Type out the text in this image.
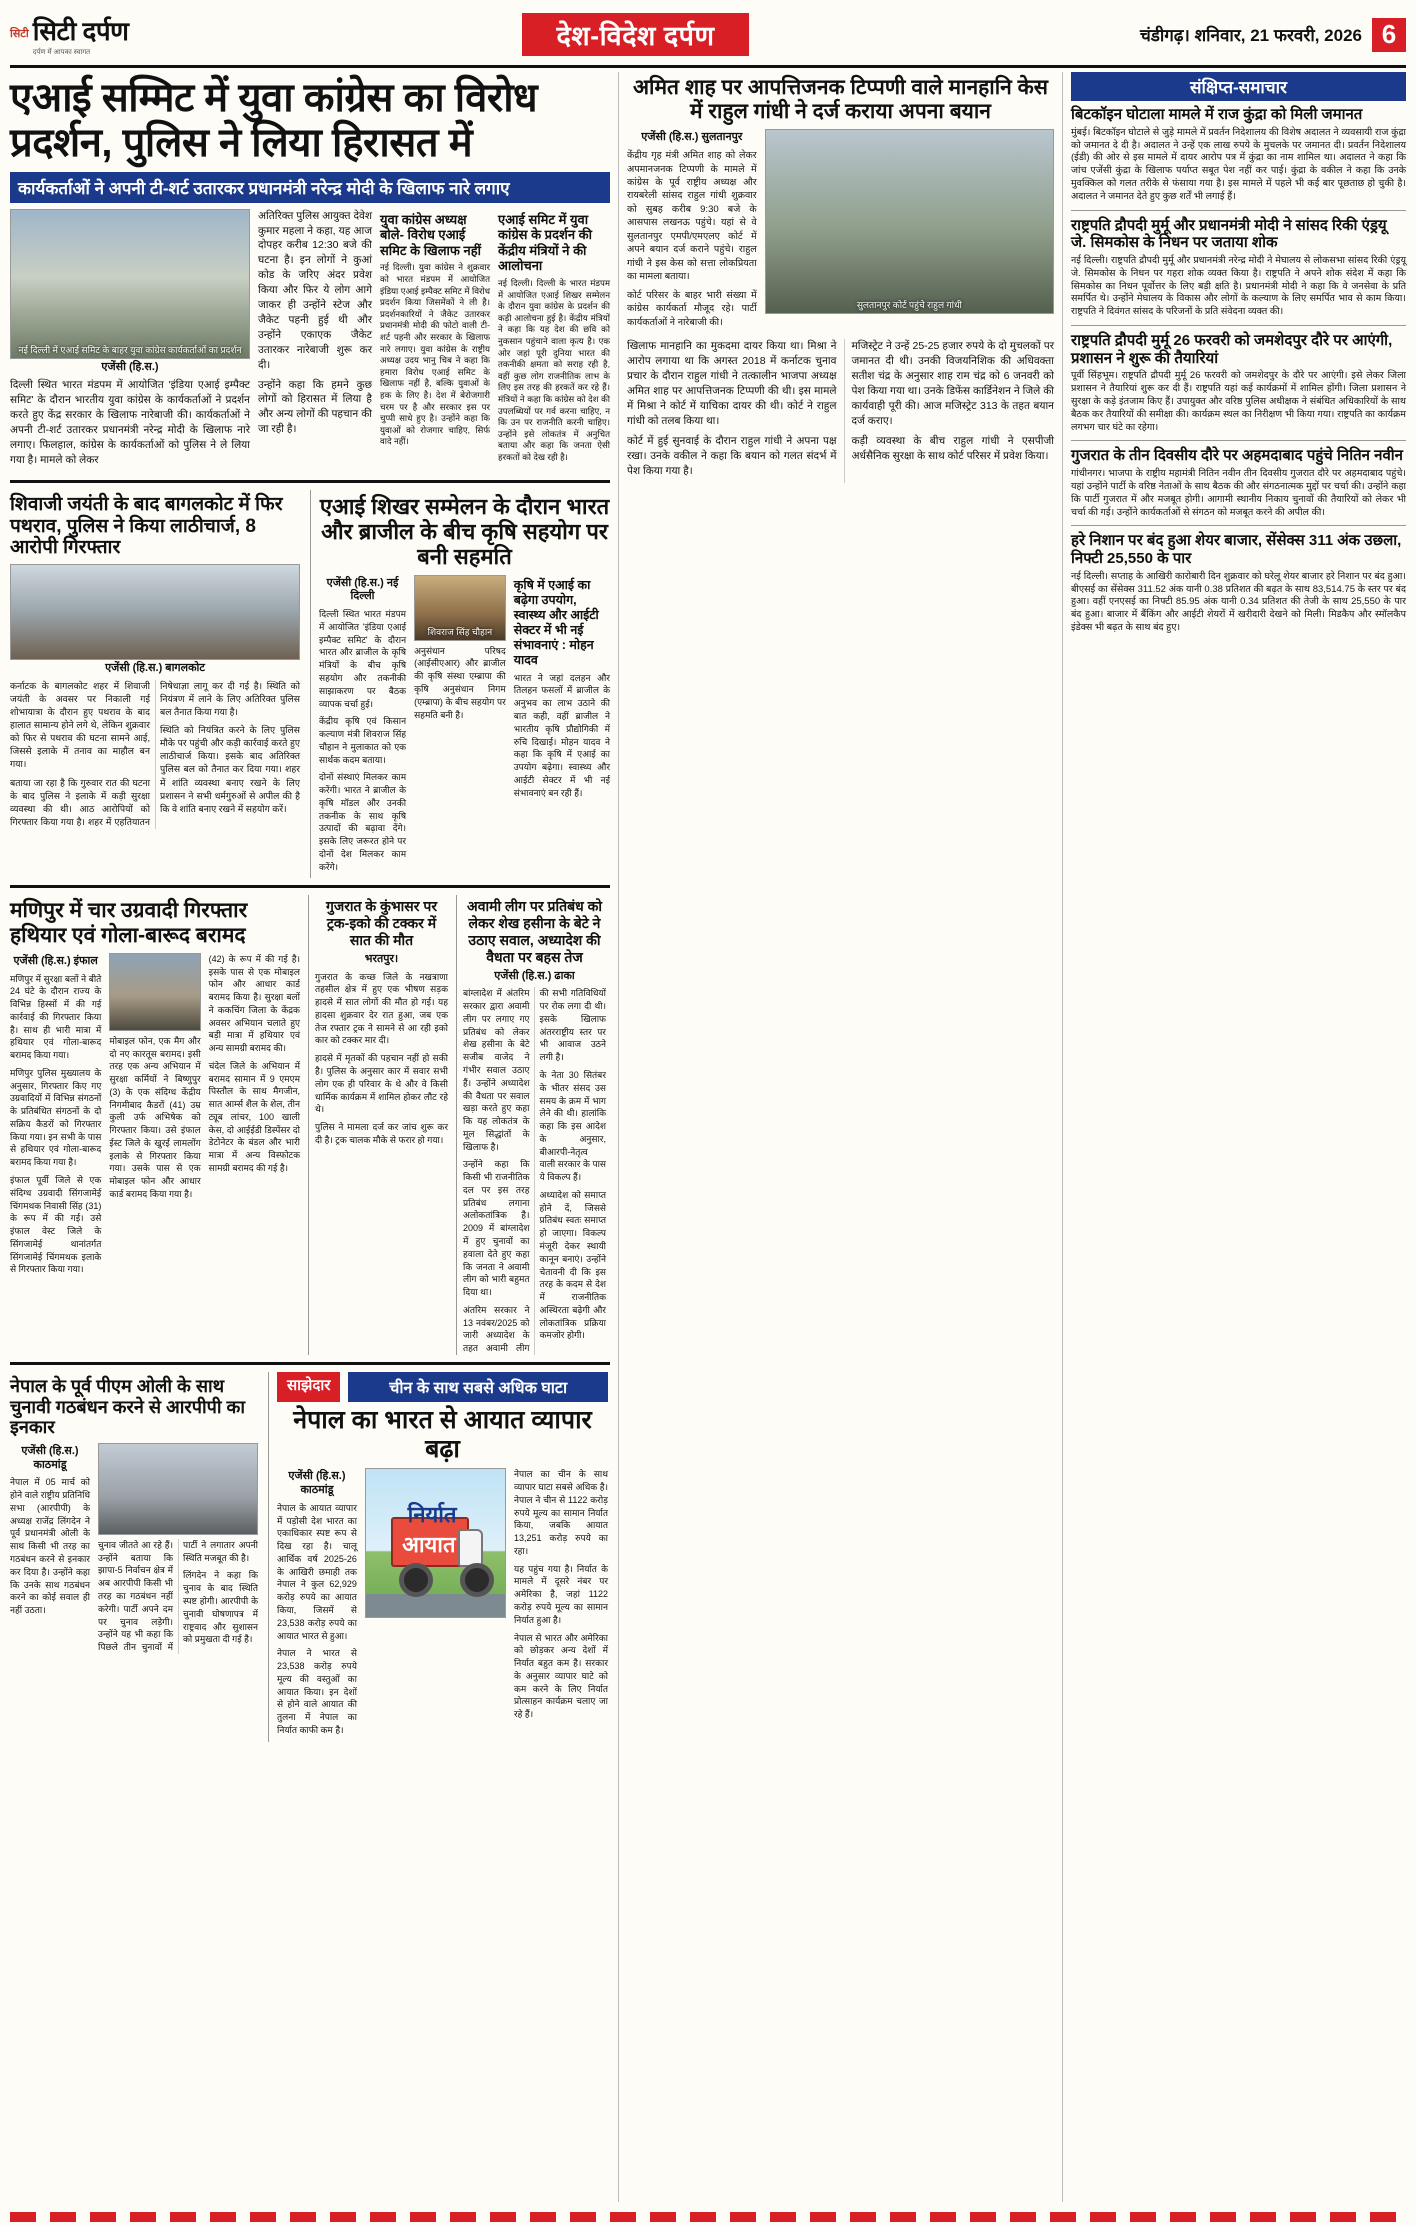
सिटी सिटी दर्पण
दर्पण में आपका स्वागत
देश-विदेश दर्पण	चंडीगढ़। शनिवार, 21 फरवरी, 2026 6
एआई सम्मिट में युवा कांग्रेस का विरोध प्रदर्शन, पुलिस ने लिया हिरासत में
कार्यकर्ताओं ने अपनी टी-शर्ट उतारकर प्रधानमंत्री नरेन्द्र मोदी के खिलाफ नारे लगाए
नई दिल्ली में एआई समिट के बाहर युवा कांग्रेस कार्यकर्ताओं का प्रदर्शन
एजेंसी (हि.स.)

दिल्ली स्थित भारत मंडपम में आयोजित 'इंडिया एआई इम्पैक्ट समिट' के दौरान भारतीय युवा कांग्रेस के कार्यकर्ताओं ने प्रदर्शन करते हुए केंद्र सरकार के खिलाफ नारेबाजी की। कार्यकर्ताओं ने अपनी टी-शर्ट उतारकर प्रधानमंत्री नरेन्द्र मोदी के खिलाफ नारे लगाए। फिलहाल, कांग्रेस के कार्यकर्ताओं को पुलिस ने ले लिया गया है। मामले को लेकर

अतिरिक्त पुलिस आयुक्त देवेश कुमार महला ने कहा, यह आज दोपहर करीब 12:30 बजे की घटना है। इन लोगों ने कुआं कोड के जरिए अंदर प्रवेश किया और फिर ये लोग आगे जाकर ही उन्होंने स्टेज और जैकेट पहनी हुई थी और उन्होंने एकाएक जैकेट उतारकर नारेबाजी शुरू कर दी।

उन्होंने कहा कि हमने कुछ लोगों को हिरासत में लिया है और अन्य लोगों की पहचान की जा रही है।

युवा कांग्रेस अध्यक्ष बोले- विरोध एआई समिट के खिलाफ नहीं

नई दिल्ली। युवा कांग्रेस ने शुक्रवार को भारत मंडपम में आयोजित इंडिया एआई इम्पैक्ट समिट में विरोध प्रदर्शन किया जिसमेंकों ने ली है। प्रदर्शनकारियों ने जैकेट उतारकर प्रधानमंत्री मोदी की फोटो वाली टी-शर्ट पहनी और सरकार के खिलाफ नारे लगाए। युवा कांग्रेस के राष्ट्रीय अध्यक्ष उदय भानु चिब ने कहा कि हमारा विरोध एआई समिट के खिलाफ नहीं है, बल्कि युवाओं के हक के लिए है। देश में बेरोजगारी चरम पर है और सरकार इस पर चुप्पी साधे हुए है। उन्होंने कहा कि युवाओं को रोजगार चाहिए, सिर्फ वादे नहीं।

एआई समिट में युवा कांग्रेस के प्रदर्शन की केंद्रीय मंत्रियों ने की आलोचना

नई दिल्ली। दिल्ली के भारत मंडपम में आयोजित एआई शिखर सम्मेलन के दौरान युवा कांग्रेस के प्रदर्शन की कड़ी आलोचना हुई है। केंद्रीय मंत्रियों ने कहा कि यह देश की छवि को नुकसान पहुंचाने वाला कृत्य है। एक ओर जहां पूरी दुनिया भारत की तकनीकी क्षमता को सराह रही है, वहीं कुछ लोग राजनीतिक लाभ के लिए इस तरह की हरकतें कर रहे हैं। मंत्रियों ने कहा कि कांग्रेस को देश की उपलब्धियों पर गर्व करना चाहिए, न कि उन पर राजनीति करनी चाहिए। उन्होंने इसे लोकतंत्र में अनुचित बताया और कहा कि जनता ऐसी हरकतों को देख रही है।

शिवाजी जयंती के बाद बागलकोट में फिर पथराव, पुलिस ने किया लाठीचार्ज, 8 आरोपी गिरफ्तार
एजेंसी (हि.स.) बागलकोट

कर्नाटक के बागलकोट शहर में शिवाजी जयंती के अवसर पर निकाली गई शोभायात्रा के दौरान हुए पथराव के बाद हालात सामान्य होने लगे थे, लेकिन शुक्रवार को फिर से पथराव की घटना सामने आई, जिससे इलाके में तनाव का माहौल बन गया।

बताया जा रहा है कि गुरुवार रात की घटना के बाद पुलिस ने इलाके में कड़ी सुरक्षा व्यवस्था की थी। आठ आरोपियों को गिरफ्तार किया गया है। शहर में एहतियातन निषेधाज्ञा लागू कर दी गई है। स्थिति को नियंत्रण में लाने के लिए अतिरिक्त पुलिस बल तैनात किया गया है।

स्थिति को नियंत्रित करने के लिए पुलिस मौके पर पहुंची और कड़ी कार्रवाई करते हुए लाठीचार्ज किया। इसके बाद अतिरिक्त पुलिस बल को तैनात कर दिया गया। शहर में शांति व्यवस्था बनाए रखने के लिए प्रशासन ने सभी धर्मगुरुओं से अपील की है कि वे शांति बनाए रखने में सहयोग करें।

एआई शिखर सम्मेलन के दौरान भारत और ब्राजील के बीच कृषि सहयोग पर बनी सहमति
एजेंसी (हि.स.) नई दिल्ली

दिल्ली स्थित भारत मंडपम में आयोजित 'इंडिया एआई इम्पैक्ट समिट' के दौरान भारत और ब्राजील के कृषि मंत्रियों के बीच कृषि सहयोग और तकनीकी साझाकरण पर बैठक व्यापक चर्चा हुई।

केंद्रीय कृषि एवं किसान कल्याण मंत्री शिवराज सिंह चौहान ने मुलाकात को एक सार्थक कदम बताया।

दोनों संस्थाएं मिलकर काम करेंगी। भारत ने ब्राजील के कृषि मॉडल और उनकी तकनीक के साथ कृषि उत्पादों की बढ़ावा देंगे। इसके लिए जरूरत होने पर दोनों देश मिलकर काम करेंगे।

शिवराज सिंह चौहान

अनुसंधान परिषद (आईसीएआर) और ब्राजील की कृषि संस्था एम्ब्रापा की कृषि अनुसंधान निगम (एम्ब्रापा) के बीच सहयोग पर सहमति बनी है।

कृषि में एआई का बढ़ेगा उपयोग, स्वास्थ्य और आईटी सेक्टर में भी नई संभावनाएं : मोहन यादव

भारत ने जहां दलहन और तिलहन फसलों में ब्राजील के अनुभव का लाभ उठाने की बात कही, वहीं ब्राजील ने भारतीय कृषि प्रौद्योगिकी में रुचि दिखाई। मोहन यादव ने कहा कि कृषि में एआई का उपयोग बढ़ेगा। स्वास्थ्य और आईटी सेक्टर में भी नई संभावनाएं बन रही हैं।

मणिपुर में चार उग्रवादी गिरफ्तार हथियार एवं गोला-बारूद बरामद
एजेंसी (हि.स.) इंफाल

मणिपुर में सुरक्षा बलों ने बीते 24 घंटे के दौरान राज्य के विभिन्न हिस्सों में की गई कार्रवाई की गिरफ्तार किया है। साथ ही भारी मात्रा में हथियार एवं गोला-बारूद बरामद किया गया।

मणिपुर पुलिस मुख्यालय के अनुसार, गिरफ्तार किए गए उग्रवादियों में विभिन्न संगठनों के प्रतिबंधित संगठनों के दो सक्रिय कैडरों को गिरफ्तार किया गया। इन सभी के पास से हथियार एवं गोला-बारूद बरामद किया गया है।

इंफाल पूर्वी जिले से एक संदिग्ध उग्रवादी सिंगजामेई चिंगमथक निवासी सिंह (31) के रूप में की गई। उसे इंफाल वेस्ट जिले के सिंगजामेई थानांतर्गत सिंगजामेई चिंगमथक इलाके से गिरफ्तार किया गया।

मोबाइल फोन, एक मैग और दो नए कारतूस बरामद। इसी तरह एक अन्य अभियान में सुरक्षा कर्मियों ने बिष्णुपुर (3) के एक संदिग्ध केंद्रीय निगमीबाद कैडरों (41) उम्र कुली उर्फ अभिषेक को गिरफ्तार किया। उसे इंफाल ईस्ट जिले के खुरई लामलोंग इलाके से गिरफ्तार किया गया। उसके पास से एक मोबाइल फोन और आधार कार्ड बरामद किया गया है।

(42) के रूप में की गई है। इसके पास से एक मोबाइल फोन और आधार कार्ड बरामद किया है। सुरक्षा बलों ने ककचिंग जिला के केंद्रक अवसर अभियान चलाते हुए बड़ी मात्रा में हथियार एवं अन्य सामग्री बरामद की।

चंदेल जिले के अभियान में बरामद सामान में 9 एमएम पिस्तौल के साथ मैगजीन, सात आर्म्स शैल के शेल, तीन ट्यूब लांचर, 100 खाली केस, दो आईईडी डिस्पेंसर दो डेटोनेटर के बंडल और भारी मात्रा में अन्य विस्फोटक सामग्री बरामद की गई है।

गुजरात के कुंभासर पर ट्रक-इको की टक्कर में सात की मौत
भरतपुर।

गुजरात के कच्छ जिले के नखत्राणा तहसील क्षेत्र में हुए एक भीषण सड़क हादसे में सात लोगों की मौत हो गई। यह हादसा शुक्रवार देर रात हुआ, जब एक तेज रफ्तार ट्रक ने सामने से आ रही इको कार को टक्कर मार दी।

हादसे में मृतकों की पहचान नहीं हो सकी है। पुलिस के अनुसार कार में सवार सभी लोग एक ही परिवार के थे और वे किसी धार्मिक कार्यक्रम में शामिल होकर लौट रहे थे।

पुलिस ने मामला दर्ज कर जांच शुरू कर दी है। ट्रक चालक मौके से फरार हो गया।

अवामी लीग पर प्रतिबंध को लेकर शेख हसीना के बेटे ने उठाए सवाल, अध्यादेश की वैधता पर बहस तेज
एजेंसी (हि.स.) ढाका

बांग्लादेश में अंतरिम सरकार द्वारा अवामी लीग पर लगाए गए प्रतिबंध को लेकर शेख हसीना के बेटे सजीब वाजेद ने गंभीर सवाल उठाए हैं। उन्होंने अध्यादेश की वैधता पर सवाल खड़ा करते हुए कहा कि यह लोकतंत्र के मूल सिद्धांतों के खिलाफ है।

उन्होंने कहा कि किसी भी राजनीतिक दल पर इस तरह प्रतिबंध लगाना अलोकतांत्रिक है। 2009 में बांग्लादेश में हुए चुनावों का हवाला देते हुए कहा कि जनता ने अवामी लीग को भारी बहुमत दिया था।

अंतरिम सरकार ने 13 नवंबर/2025 को जारी अध्यादेश के तहत अवामी लीग की सभी गतिविधियों पर रोक लगा दी थी। इसके खिलाफ अंतरराष्ट्रीय स्तर पर भी आवाज उठने लगी है।

के नेता 30 सितंबर के भीतर संसद उस समय के क्रम में भाग लेने की थी। हालांकि कहा कि इस आदेश के अनुसार, बीआरपी-नेतृत्व वाली सरकार के पास ये विकल्प हैं।

अध्यादेश को समाप्त होने दें, जिससे प्रतिबंध स्वतः समाप्त हो जाएगा। विकल्प मंजूरी देकर स्थायी कानून बनाएं। उन्होंने चेतावनी दी कि इस तरह के कदम से देश में राजनीतिक अस्थिरता बढ़ेगी और लोकतांत्रिक प्रक्रिया कमजोर होगी।

नेपाल के पूर्व पीएम ओली के साथ चुनावी गठबंधन करने से आरपीपी का इनकार
एजेंसी (हि.स.) काठमांडू

नेपाल में 05 मार्च को होने वाले राष्ट्रीय प्रतिनिधि सभा (आरपीपी) के अध्यक्ष राजेंद्र लिंगदेन ने पूर्व प्रधानमंत्री ओली के साथ किसी भी तरह का गठबंधन करने से इनकार कर दिया है। उन्होंने कहा कि उनके साथ गठबंधन करने का कोई सवाल ही नहीं उठता।

चुनाव जीतते आ रहे हैं। उन्होंने बताया कि झापा-5 निर्वाचन क्षेत्र में अब आरपीपी किसी भी तरह का गठबंधन नहीं करेगी। पार्टी अपने दम पर चुनाव लड़ेगी। उन्होंने यह भी कहा कि पिछले तीन चुनावों में पार्टी ने लगातार अपनी स्थिति मजबूत की है।

लिंगदेन ने कहा कि चुनाव के बाद स्थिति स्पष्ट होगी। आरपीपी के चुनावी घोषणापत्र में राष्ट्रवाद और सुशासन को प्रमुखता दी गई है।

साझेदार	चीन के साथ सबसे अधिक घाटा
नेपाल का भारत से आयात व्यापार बढ़ा
एजेंसी (हि.स.) काठमांडू

नेपाल के आयात व्यापार में पड़ोसी देश भारत का एकाधिकार स्पष्ट रूप से दिख रहा है। चालू आर्थिक वर्ष 2025-26 के आखिरी छमाही तक नेपाल ने कुल 62,929 करोड़ रुपये का आयात किया, जिसमें से 23,538 करोड़ रुपये का आयात भारत से हुआ।

नेपाल ने भारत से 23,538 करोड़ रुपये मूल्य की वस्तुओं का आयात किया। इन देशों से होने वाले आयात की तुलना में नेपाल का निर्यात काफी कम है।

निर्यात
आयात

नेपाल का चीन के साथ व्यापार घाटा सबसे अधिक है। नेपाल ने चीन से 1122 करोड़ रुपये मूल्य का सामान निर्यात किया, जबकि आयात 13,251 करोड़ रुपये का रहा।

यह पहुंच गया है। निर्यात के मामले में दूसरे नंबर पर अमेरिका है, जहां 1122 करोड़ रुपये मूल्य का सामान निर्यात हुआ है।

नेपाल से भारत और अमेरिका को छोड़कर अन्य देशों में निर्यात बहुत कम है। सरकार के अनुसार व्यापार घाटे को कम करने के लिए निर्यात प्रोत्साहन कार्यक्रम चलाए जा रहे हैं।

अमित शाह पर आपत्तिजनक टिप्पणी वाले मानहानि केस में राहुल गांधी ने दर्ज कराया अपना बयान
एजेंसी (हि.स.) सुलतानपुर

केंद्रीय गृह मंत्री अमित शाह को लेकर अपमानजनक टिप्पणी के मामले में कांग्रेस के पूर्व राष्ट्रीय अध्यक्ष और रायबरेली सांसद राहुल गांधी शुक्रवार को सुबह करीब 9:30 बजे के आसपास लखनऊ पहुंचे। यहां से वे सुलतानपुर एमपी/एमएलए कोर्ट में अपने बयान दर्ज कराने पहुंचे। राहुल गांधी ने इस केस को सत्ता लोकप्रियता का मामला बताया।

कोर्ट परिसर के बाहर भारी संख्या में कांग्रेस कार्यकर्ता मौजूद रहे। पार्टी कार्यकर्ताओं ने नारेबाजी की।

सुलतानपुर कोर्ट पहुंचे राहुल गांधी

खिलाफ मानहानि का मुकदमा दायर किया था। मिश्रा ने आरोप लगाया था कि अगस्त 2018 में कर्नाटक चुनाव प्रचार के दौरान राहुल गांधी ने तत्कालीन भाजपा अध्यक्ष अमित शाह पर आपत्तिजनक टिप्पणी की थी। इस मामले में मिश्रा ने कोर्ट में याचिका दायर की थी। कोर्ट ने राहुल गांधी को तलब किया था।

कोर्ट में हुई सुनवाई के दौरान राहुल गांधी ने अपना पक्ष रखा। उनके वकील ने कहा कि बयान को गलत संदर्भ में पेश किया गया है।

मजिस्ट्रेट ने उन्हें 25-25 हजार रुपये के दो मुचलकों पर जमानत दी थी। उनकी विजयनिशिक की अधिवक्ता सतीश चंद्र के अनुसार शाह राम चंद्र को 6 जनवरी को पेश किया गया था। उनके डिफेंस कार्डिनेशन ने जिले की कार्यवाही पूरी की। आज मजिस्ट्रेट 313 के तहत बयान दर्ज कराए।

कड़ी व्यवस्था के बीच राहुल गांधी ने एसपीजी अर्धसैनिक सुरक्षा के साथ कोर्ट परिसर में प्रवेश किया।

संक्षिप्त-समाचार
बिटकॉइन घोटाला मामले में राज कुंद्रा को मिली जमानत
मुंबई। बिटकॉइन घोटाले से जुड़े मामले में प्रवर्तन निदेशालय की विशेष अदालत ने व्यवसायी राज कुंद्रा को जमानत दे दी है। अदालत ने उन्हें एक लाख रुपये के मुचलके पर जमानत दी। प्रवर्तन निदेशालय (ईडी) की ओर से इस मामले में दायर आरोप पत्र में कुंद्रा का नाम शामिल था। अदालत ने कहा कि जांच एजेंसी कुंद्रा के खिलाफ पर्याप्त सबूत पेश नहीं कर पाई। कुंद्रा के वकील ने कहा कि उनके मुवक्किल को गलत तरीके से फंसाया गया है। इस मामले में पहले भी कई बार पूछताछ हो चुकी है। अदालत ने जमानत देते हुए कुछ शर्तें भी लगाई हैं।
राष्ट्रपति द्रौपदी मुर्मू और प्रधानमंत्री मोदी ने सांसद रिकी एंड्रयू जे. सिमकोस के निधन पर जताया शोक
नई दिल्ली। राष्ट्रपति द्रौपदी मुर्मू और प्रधानमंत्री नरेन्द्र मोदी ने मेघालय से लोकसभा सांसद रिकी एंड्रयू जे. सिमकोस के निधन पर गहरा शोक व्यक्त किया है। राष्ट्रपति ने अपने शोक संदेश में कहा कि सिमकोस का निधन पूर्वोत्तर के लिए बड़ी क्षति है। प्रधानमंत्री मोदी ने कहा कि वे जनसेवा के प्रति समर्पित थे। उन्होंने मेघालय के विकास और लोगों के कल्याण के लिए समर्पित भाव से काम किया। राष्ट्रपति ने दिवंगत सांसद के परिजनों के प्रति संवेदना व्यक्त की।
राष्ट्रपति द्रौपदी मुर्मू 26 फरवरी को जमशेदपुर दौरे पर आएंगी, प्रशासन ने शुरू की तैयारियां
पूर्वी सिंहभूम। राष्ट्रपति द्रौपदी मुर्मू 26 फरवरी को जमशेदपुर के दौरे पर आएंगी। इसे लेकर जिला प्रशासन ने तैयारियां शुरू कर दी हैं। राष्ट्रपति यहां कई कार्यक्रमों में शामिल होंगी। जिला प्रशासन ने सुरक्षा के कड़े इंतजाम किए हैं। उपायुक्त और वरिष्ठ पुलिस अधीक्षक ने संबंधित अधिकारियों के साथ बैठक कर तैयारियों की समीक्षा की। कार्यक्रम स्थल का निरीक्षण भी किया गया। राष्ट्रपति का कार्यक्रम लगभग चार घंटे का रहेगा।
गुजरात के तीन दिवसीय दौरे पर अहमदाबाद पहुंचे नितिन नवीन
गांधीनगर। भाजपा के राष्ट्रीय महामंत्री नितिन नवीन तीन दिवसीय गुजरात दौरे पर अहमदाबाद पहुंचे। यहां उन्होंने पार्टी के वरिष्ठ नेताओं के साथ बैठक की और संगठनात्मक मुद्दों पर चर्चा की। उन्होंने कहा कि पार्टी गुजरात में और मजबूत होगी। आगामी स्थानीय निकाय चुनावों की तैयारियों को लेकर भी चर्चा की गई। उन्होंने कार्यकर्ताओं से संगठन को मजबूत करने की अपील की।
हरे निशान पर बंद हुआ शेयर बाजार, सेंसेक्स 311 अंक उछला, निफ्टी 25,550 के पार
नई दिल्ली। सप्ताह के आखिरी कारोबारी दिन शुक्रवार को घरेलू शेयर बाजार हरे निशान पर बंद हुआ। बीएसई का सेंसेक्स 311.52 अंक यानी 0.38 प्रतिशत की बढ़त के साथ 83,514.75 के स्तर पर बंद हुआ। वहीं एनएसई का निफ्टी 85.95 अंक यानी 0.34 प्रतिशत की तेजी के साथ 25,550 के पार बंद हुआ। बाजार में बैंकिंग और आईटी शेयरों में खरीदारी देखने को मिली। मिडकैप और स्मॉलकैप इंडेक्स भी बढ़त के साथ बंद हुए।
